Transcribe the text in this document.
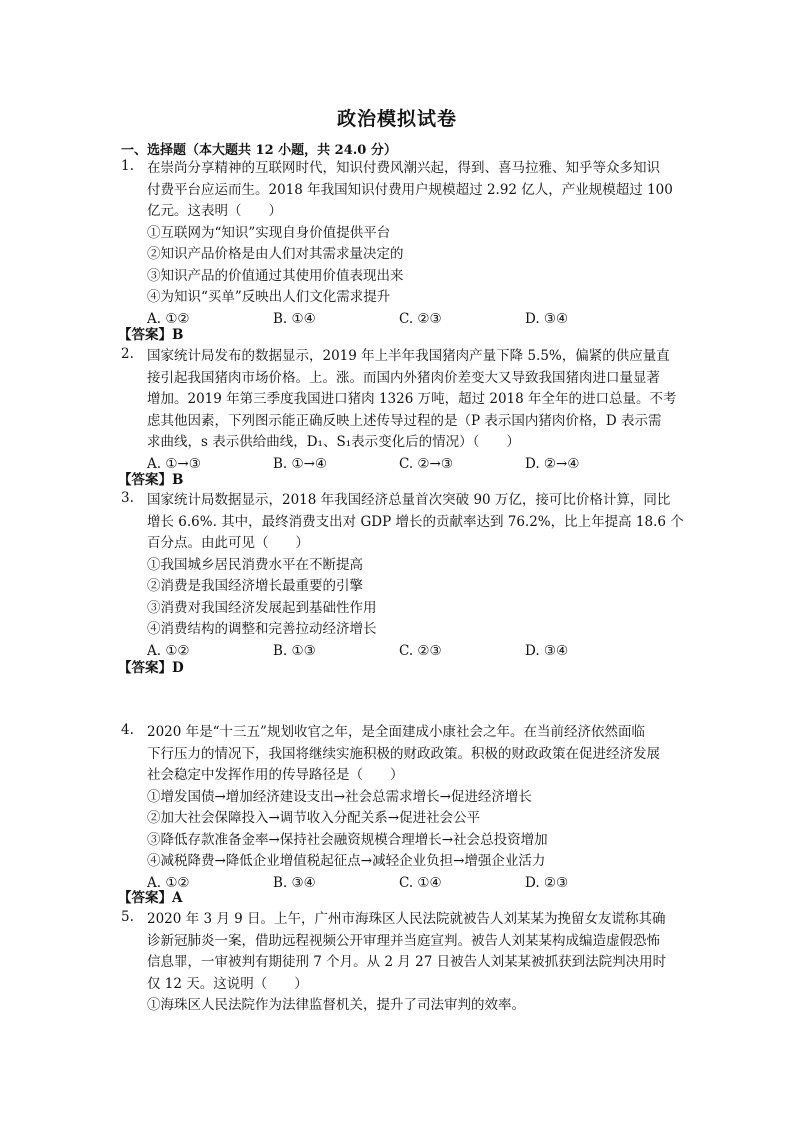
政治模拟试卷
一、选择题（本大题共 12 小题，共 24.0 分）
1. 在崇尚分享精神的互联网时代，知识付费风潮兴起，得到、喜马拉雅、知乎等众多知识
付费平台应运而生。2018 年我国知识付费用户规模超过 2.92 亿人，产业规模超过 100
亿元。这表明（　　）
①互联网为“知识”实现自身价值提供平台
②知识产品价格是由人们对其需求量决定的
③知识产品的价值通过其使用价值表现出来
④为知识“买单”反映出人们文化需求提升
A. ①②	B. ①④	C. ②③	D. ③④
【答案】B
2. 国家统计局发布的数据显示，2019 年上半年我国猪肉产量下降 5.5%，偏紧的供应量直
接引起我国猪肉市场价格。上。涨。而国内外猪肉价差变大又导致我国猪肉进口量显著
增加。2019 年第三季度我国进口猪肉 1326 万吨，超过 2018 年全年的进口总量。不考
虑其他因素，下列图示能正确反映上述传导过程的是（P 表示国内猪肉价格，D 表示需
求曲线，s 表示供给曲线，D₁、S₁表示变化后的情况）（　　）
A. ①→③	B. ①→④	C. ②→③	D. ②→④
【答案】B
3. 国家统计局数据显示，2018 年我国经济总量首次突破 90 万亿，接可比价格计算，同比
增长 6.6%. 其中，最终消费支出对 GDP 增长的贡献率达到 76.2%，比上年提高 18.6 个
百分点。由此可见（　　）
①我国城乡居民消费水平在不断提高
②消费是我国经济增长最重要的引擎
③消费对我国经济发展起到基础性作用
④消费结构的调整和完善拉动经济增长
A. ①②	B. ①③	C. ②③	D. ③④
【答案】D
4. 2020 年是“十三五”规划收官之年，是全面建成小康社会之年。在当前经济依然面临
下行压力的情况下，我国将继续实施积极的财政政策。积极的财政政策在促进经济发展
社会稳定中发挥作用的传导路径是（　　）
①增发国债→增加经济建设支出→社会总需求增长→促进经济增长
②加大社会保障投入→调节收入分配关系→促进社会公平
③降低存款准备金率→保持社会融资规模合理增长→社会总投资增加
④减税降费→降低企业增值税起征点→减轻企业负担→增强企业活力
A. ①②	B. ③④	C. ①④	D. ②③
【答案】A
5. 2020 年 3 月 9 日。上午，广州市海珠区人民法院就被告人刘某某为挽留女友谎称其确
诊新冠肺炎一案，借助远程视频公开审理并当庭宣判。被告人刘某某构成编造虚假恐怖
信息罪，一审被判有期徒刑 7 个月。从 2 月 27 日被告人刘某某被抓获到法院判决用时
仅 12 天。这说明（　　）
①海珠区人民法院作为法律监督机关，提升了司法审判的效率。
